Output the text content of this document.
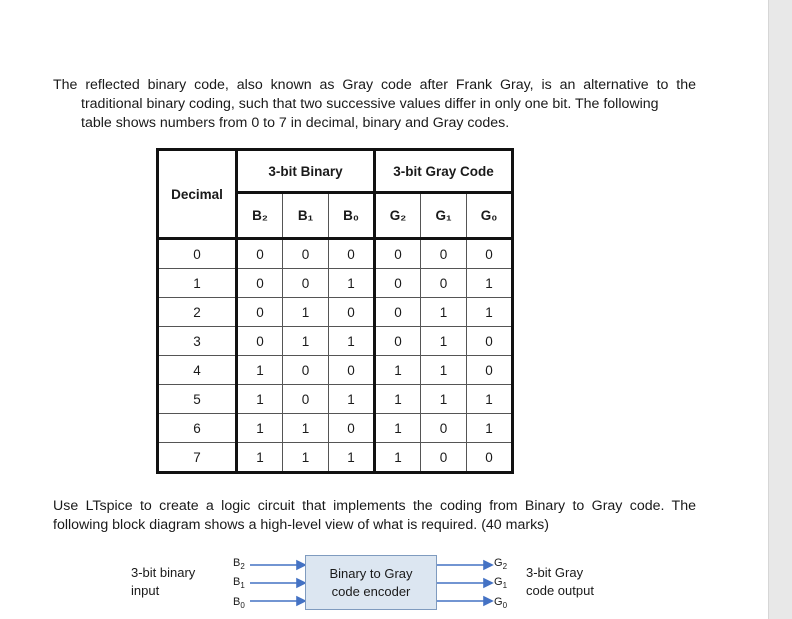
The reflected binary code, also known as Gray code after Frank Gray, is an alternative to the
traditional binary coding, such that two successive values differ in only one bit. The following
table shows numbers from 0 to 7 in decimal, binary and Gray codes.
Decimal	3-bit Binary			3-bit Gray Code		
	B₂	B₁	B₀	G₂	G₁	G₀
0	0	0	0	0	0	0
1	0	0	1	0	0	1
2	0	1	0	0	1	1
3	0	1	1	0	1	0
4	1	0	0	1	1	0
5	1	0	1	1	1	1
6	1	1	0	1	0	1
7	1	1	1	1	0	0
Use LTspice to create a logic circuit that implements the coding from Binary to Gray code. The
following block diagram shows a high-level view of what is required. (40 marks)
3-bit binary
input
$B_2$
$B_1$
$B_0$
Binary to Gray
code encoder
$G_2$
$G_1$
$G_0$
3-bit Gray
code output
